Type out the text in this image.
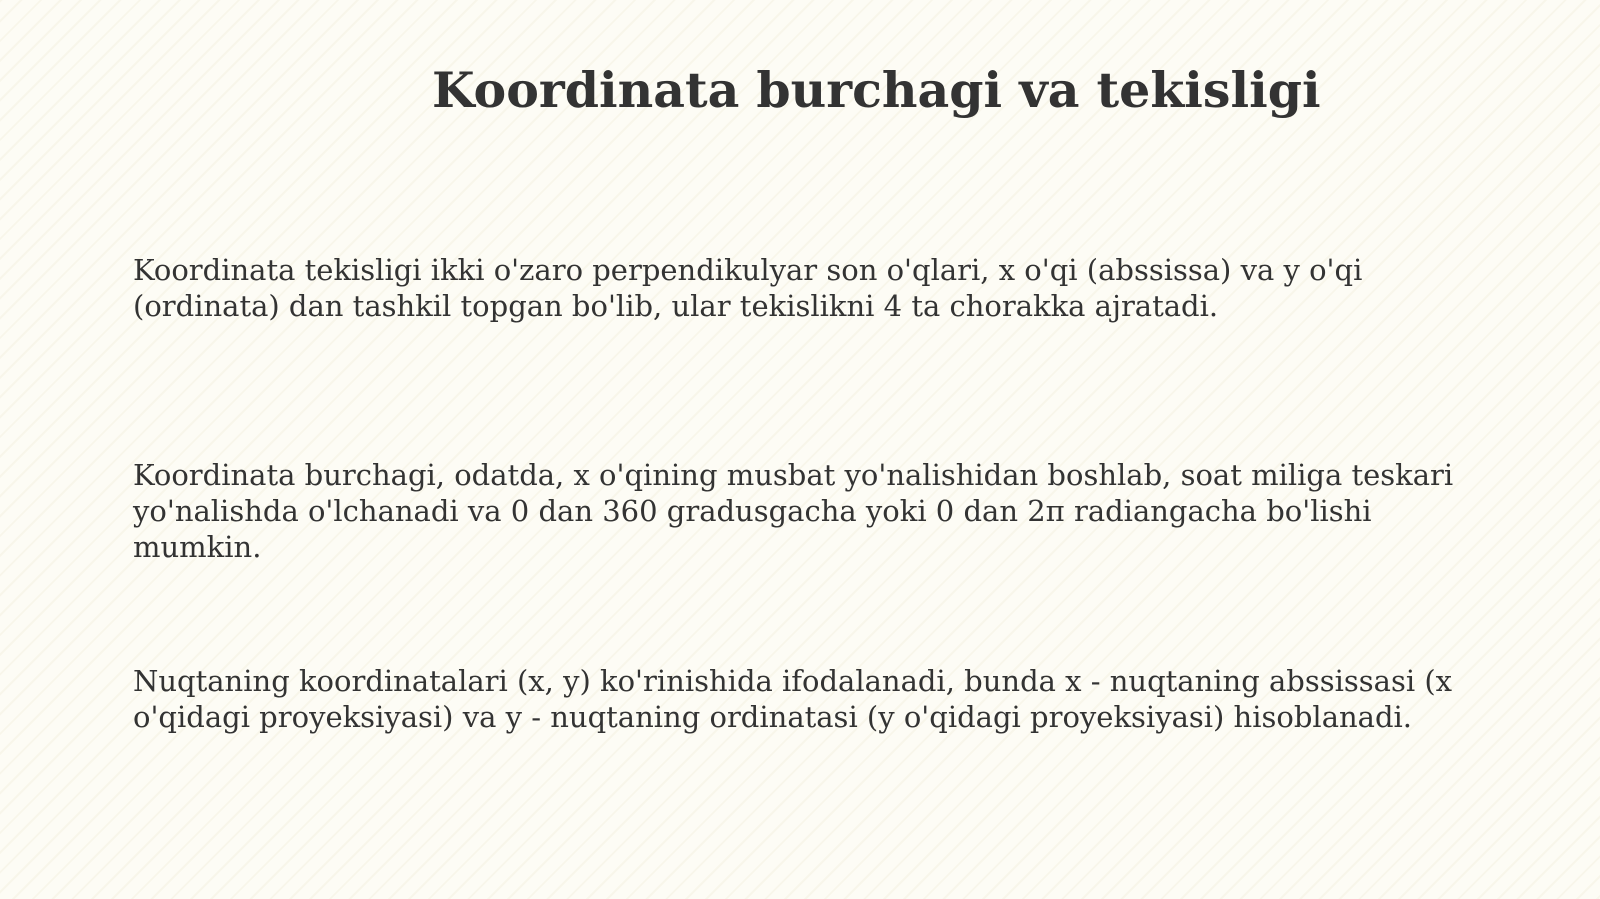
Koordinata burchagi va tekisligi

Koordinata tekisligi ikki o'zaro perpendikulyar son o'qlari, x o'qi (abssissa) va y o'qi (ordinata) dan tashkil topgan bo'lib, ular tekislikni 4 ta chorakka ajratadi.

Koordinata burchagi, odatda, x o'qining musbat yo'nalishidan boshlab, soat miliga teskari yo'nalishda o'lchanadi va 0 dan 360 gradusgacha yoki 0 dan 2π radiangacha bo'lishi mumkin.

Nuqtaning koordinatalari (x, y) ko'rinishida ifodalanadi, bunda x - nuqtaning abssissasi (x o'qidagi proyeksiyasi) va y - nuqtaning ordinatasi (y o'qidagi proyeksiyasi) hisoblanadi.
